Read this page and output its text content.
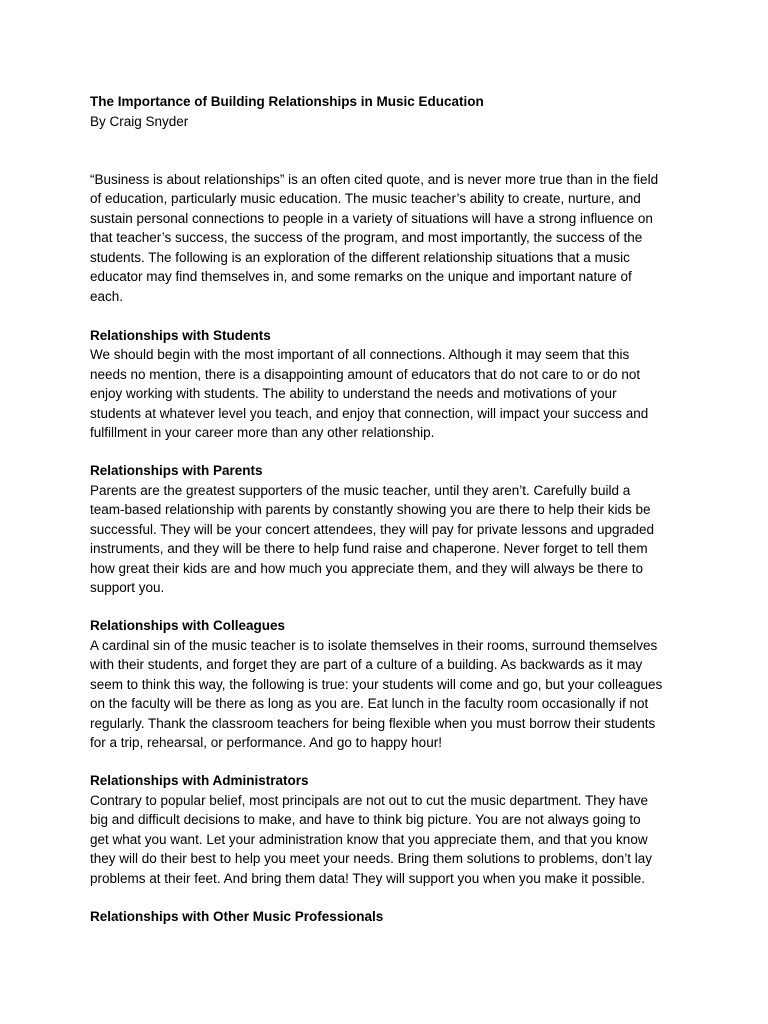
The Importance of Building Relationships in Music Education
By Craig Snyder
“Business is about relationships” is an often cited quote, and is never more true than in the field
of education, particularly music education. The music teacher’s ability to create, nurture, and
sustain personal connections to people in a variety of situations will have a strong influence on
that teacher’s success, the success of the program, and most importantly, the success of the
students. The following is an exploration of the different relationship situations that a music
educator may find themselves in, and some remarks on the unique and important nature of
each.
Relationships with Students
We should begin with the most important of all connections. Although it may seem that this
needs no mention, there is a disappointing amount of educators that do not care to or do not
enjoy working with students. The ability to understand the needs and motivations of your
students at whatever level you teach, and enjoy that connection, will impact your success and
fulfillment in your career more than any other relationship.
Relationships with Parents
Parents are the greatest supporters of the music teacher, until they aren’t. Carefully build a
team-based relationship with parents by constantly showing you are there to help their kids be
successful. They will be your concert attendees, they will pay for private lessons and upgraded
instruments, and they will be there to help fund raise and chaperone. Never forget to tell them
how great their kids are and how much you appreciate them, and they will always be there to
support you.
Relationships with Colleagues
A cardinal sin of the music teacher is to isolate themselves in their rooms, surround themselves
with their students, and forget they are part of a culture of a building. As backwards as it may
seem to think this way, the following is true: your students will come and go, but your colleagues
on the faculty will be there as long as you are. Eat lunch in the faculty room occasionally if not
regularly. Thank the classroom teachers for being flexible when you must borrow their students
for a trip, rehearsal, or performance. And go to happy hour!
Relationships with Administrators
Contrary to popular belief, most principals are not out to cut the music department. They have
big and difficult decisions to make, and have to think big picture. You are not always going to
get what you want. Let your administration know that you appreciate them, and that you know
they will do their best to help you meet your needs. Bring them solutions to problems, don’t lay
problems at their feet. And bring them data! They will support you when you make it possible.
Relationships with Other Music Professionals
